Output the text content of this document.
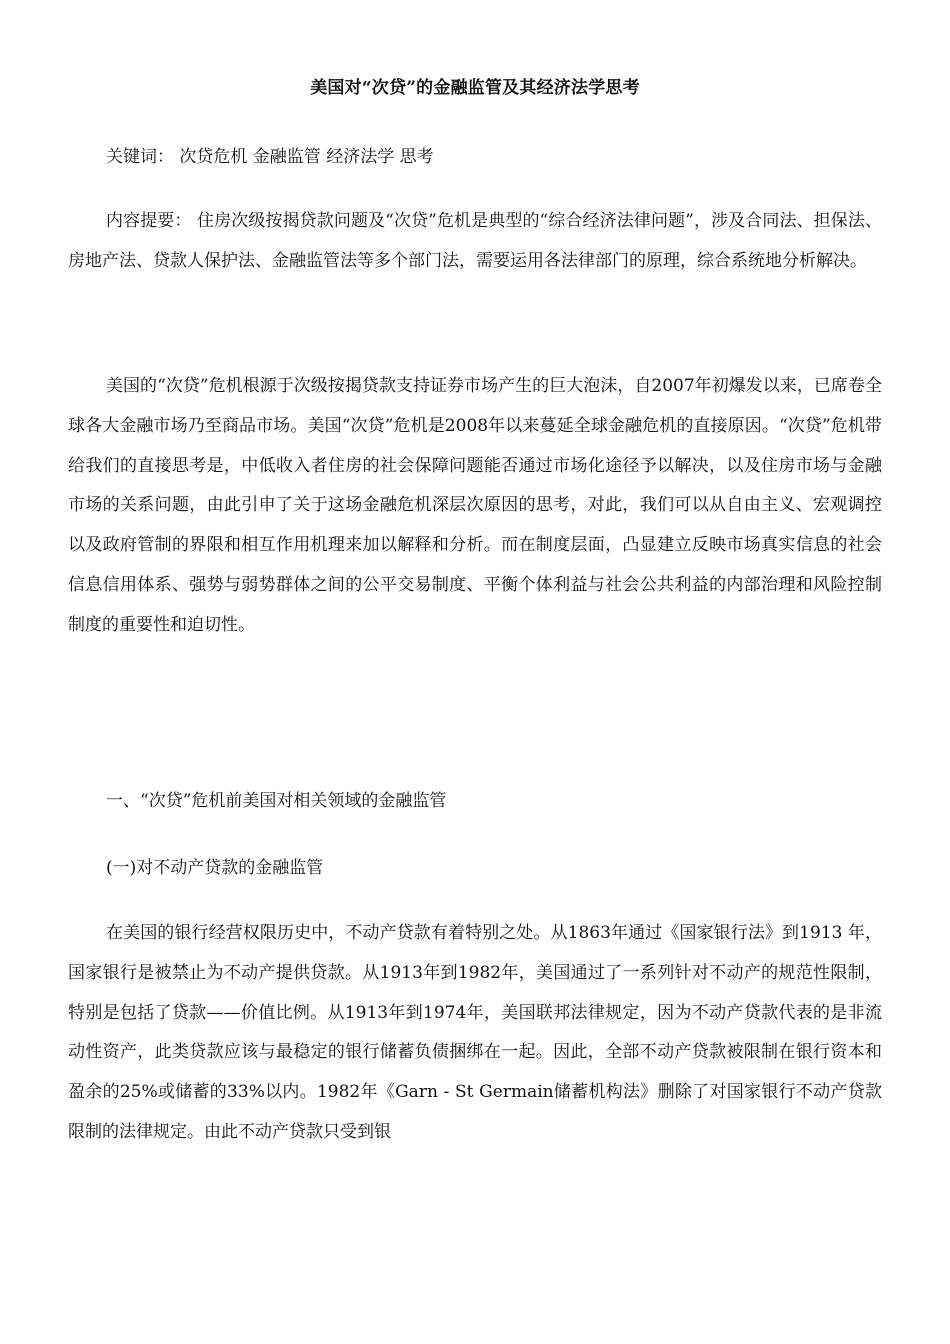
美国对“次贷”的金融监管及其经济法学思考

关键词： 次贷危机 金融监管 经济法学 思考

内容提要： 住房次级按揭贷款问题及“次贷”危机是典型的“综合经济法律问题”，涉及合同法、担保法、房地产法、贷款人保护法、金融监管法等多个部门法，需要运用各法律部门的原理，综合系统地分析解决。

美国的“次贷”危机根源于次级按揭贷款支持证券市场产生的巨大泡沫，自2007年初爆发以来，已席卷全球各大金融市场乃至商品市场。美国“次贷”危机是2008年以来蔓延全球金融危机的直接原因。“次贷”危机带给我们的直接思考是，中低收入者住房的社会保障问题能否通过市场化途径予以解决，以及住房市场与金融市场的关系问题，由此引申了关于这场金融危机深层次原因的思考，对此，我们可以从自由主义、宏观调控以及政府管制的界限和相互作用机理来加以解释和分析。而在制度层面，凸显建立反映市场真实信息的社会信息信用体系、强势与弱势群体之间的公平交易制度、平衡个体利益与社会公共利益的内部治理和风险控制制度的重要性和迫切性。

一、“次贷”危机前美国对相关领域的金融监管

(一)对不动产贷款的金融监管

在美国的银行经营权限历史中，不动产贷款有着特别之处。从1863年通过《国家银行法》到1913 年，国家银行是被禁止为不动产提供贷款。从1913年到1982年，美国通过了一系列针对不动产的规范性限制，特别是包括了贷款——价值比例。从1913年到1974年，美国联邦法律规定，因为不动产贷款代表的是非流动性资产，此类贷款应该与最稳定的银行储蓄负债捆绑在一起。因此，全部不动产贷款被限制在银行资本和盈余的25%或储蓄的33%以内。1982年《Garn - St Germain储蓄机构法》删除了对国家银行不动产贷款限制的法律规定。由此不动产贷款只受到银
